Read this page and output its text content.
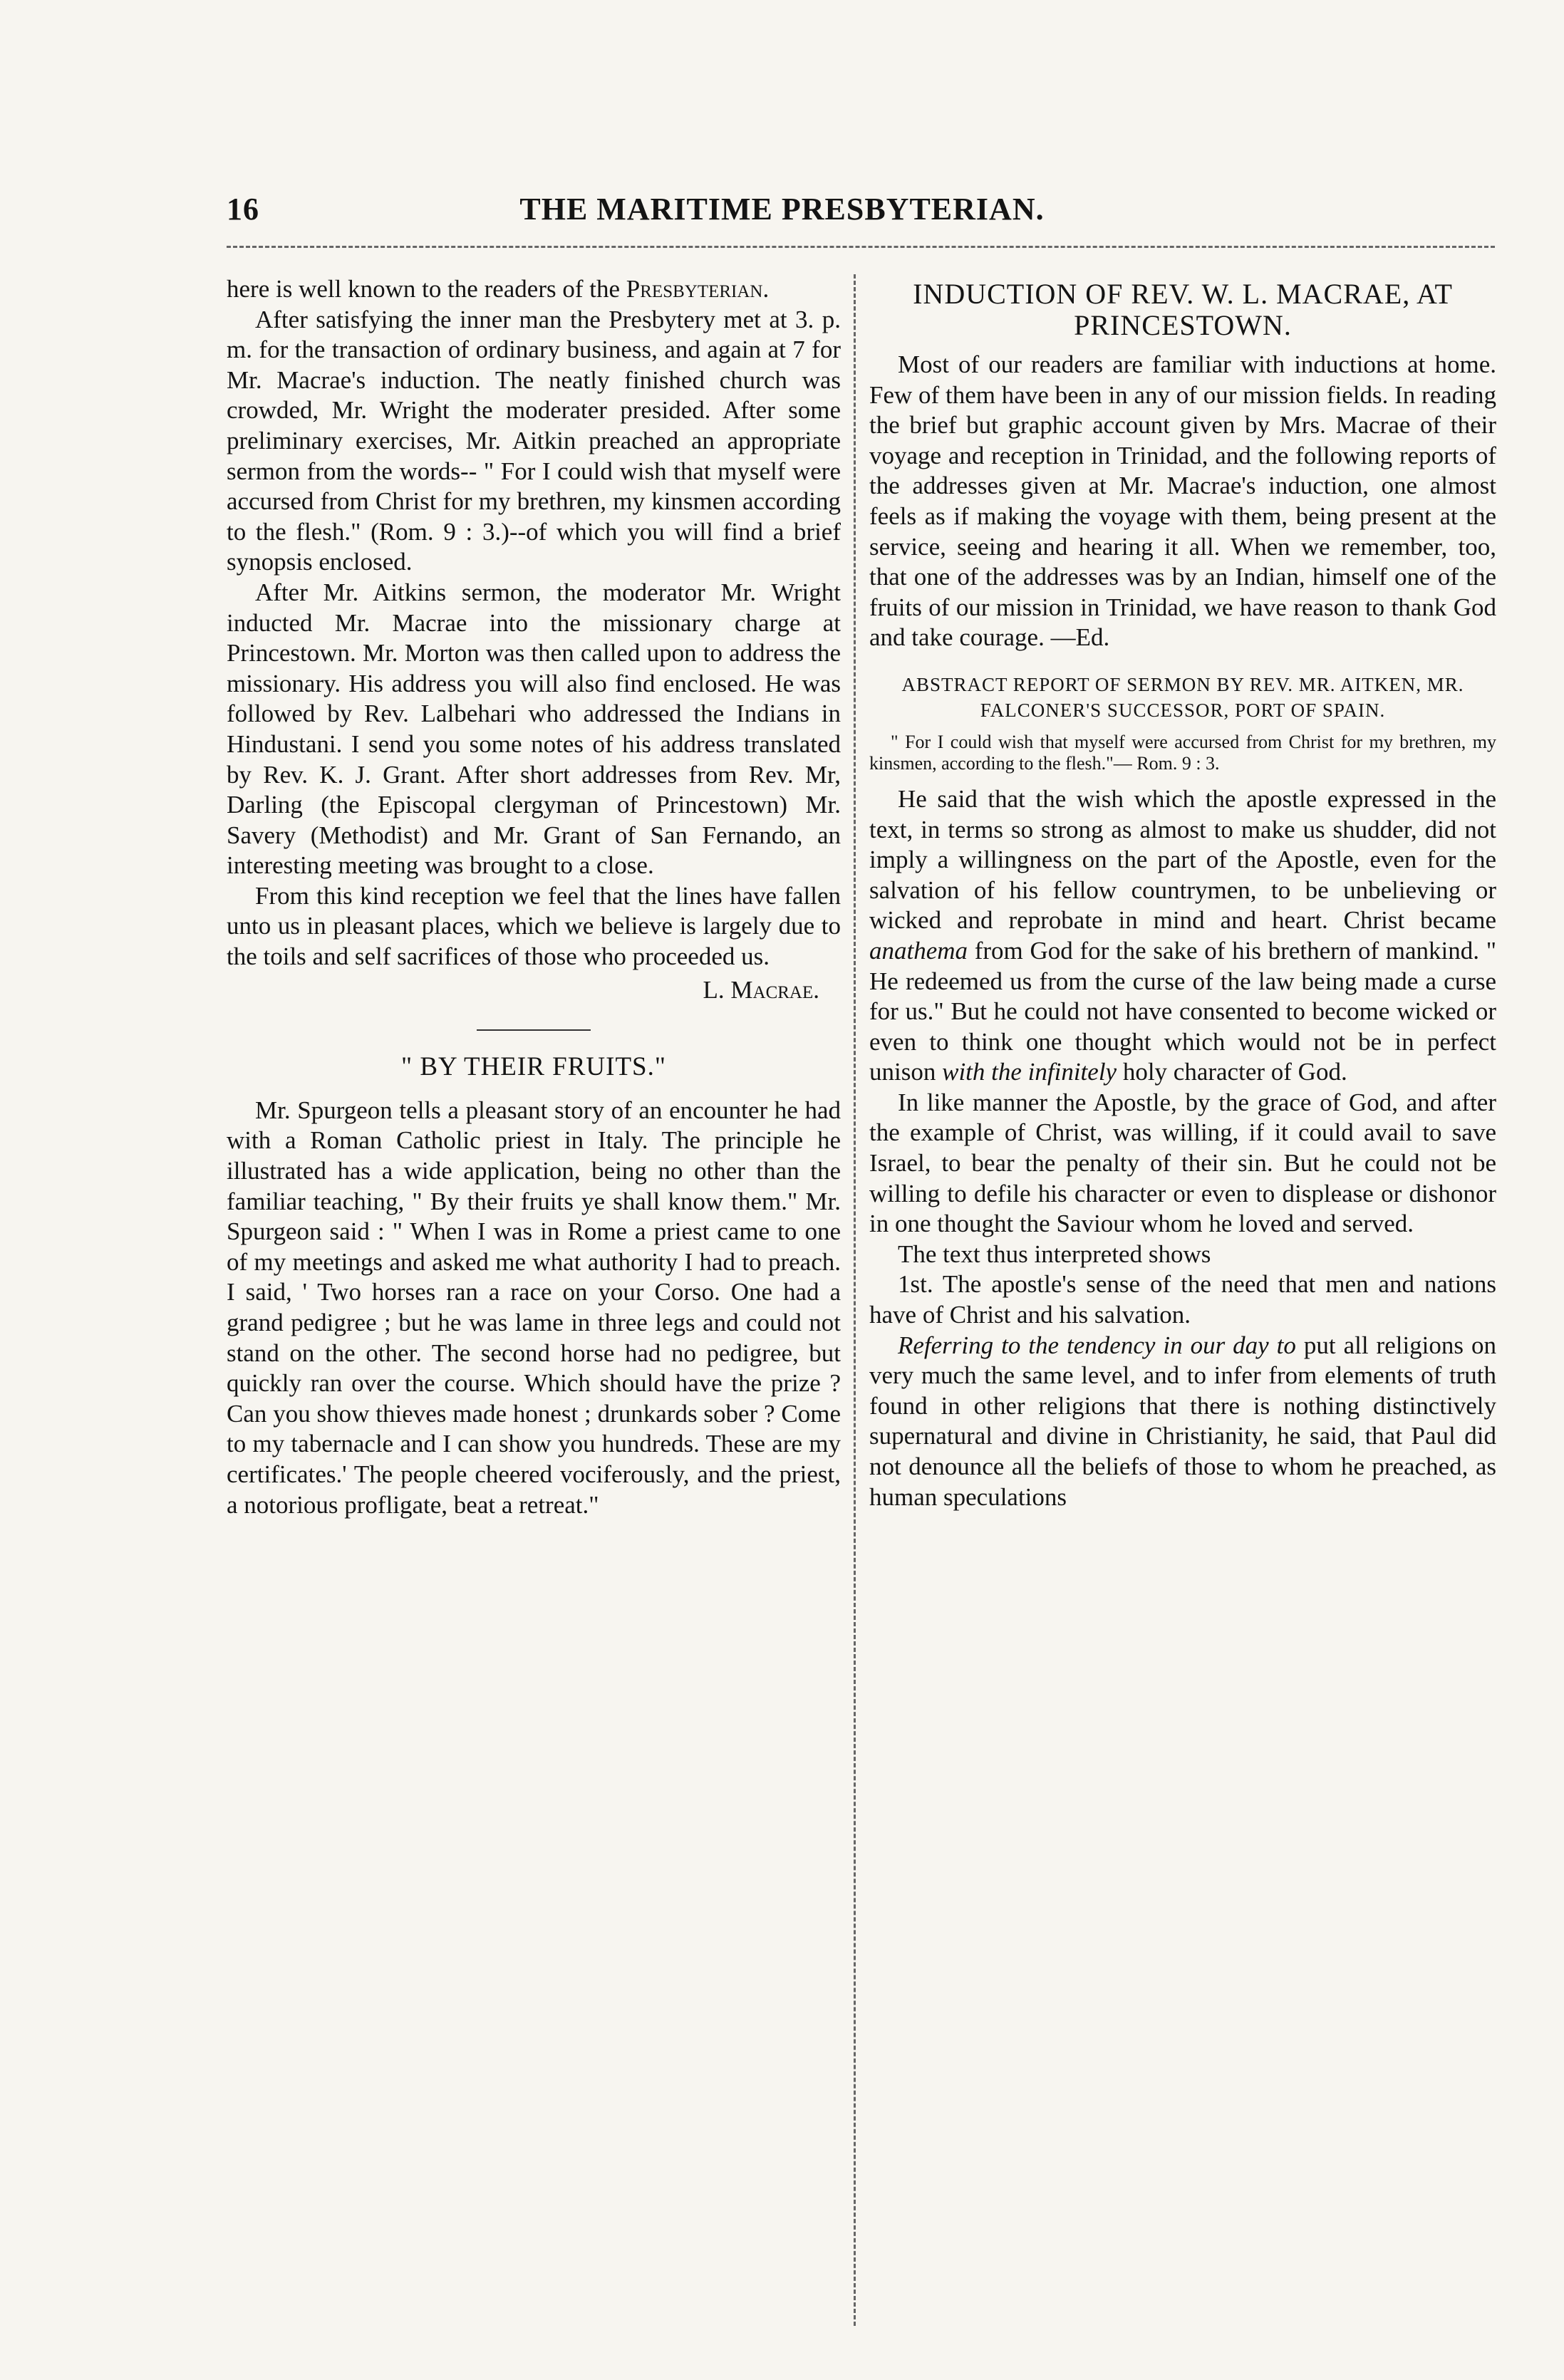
16	THE MARITIME PRESBYTERIAN.

here is well known to the readers of the Presbyterian.

After satisfying the inner man the Presbytery met at 3. p. m. for the transaction of ordinary business, and again at 7 for Mr. Macrae's induction. The neatly finished church was crowded, Mr. Wright the moderater presided. After some preliminary exercises, Mr. Aitkin preached an appropriate sermon from the words-- " For I could wish that myself were accursed from Christ for my brethren, my kinsmen according to the flesh." (Rom. 9 : 3.)--of which you will find a brief synopsis enclosed.

After Mr. Aitkins sermon, the moderator Mr. Wright inducted Mr. Macrae into the missionary charge at Princestown. Mr. Morton was then called upon to address the missionary. His address you will also find enclosed. He was followed by Rev. Lalbehari who addressed the Indians in Hindustani. I send you some notes of his address translated by Rev. K. J. Grant. After short addresses from Rev. Mr, Darling (the Episcopal clergyman of Princestown) Mr. Savery (Methodist) and Mr. Grant of San Fernando, an interesting meeting was brought to a close.

From this kind reception we feel that the lines have fallen unto us in pleasant places, which we believe is largely due to the toils and self sacrifices of those who proceeded us.

L. Macrae.

" BY THEIR FRUITS."

Mr. Spurgeon tells a pleasant story of an encounter he had with a Roman Catholic priest in Italy. The principle he illustrated has a wide application, being no other than the familiar teaching, " By their fruits ye shall know them." Mr. Spurgeon said : " When I was in Rome a priest came to one of my meetings and asked me what authority I had to preach. I said, ' Two horses ran a race on your Corso. One had a grand pedigree ; but he was lame in three legs and could not stand on the other. The second horse had no pedigree, but quickly ran over the course. Which should have the prize ? Can you show thieves made honest ; drunkards sober ? Come to my tabernacle and I can show you hundreds. These are my certificates.' The people cheered vociferously, and the priest, a notorious profligate, beat a retreat."

INDUCTION OF REV. W. L. MACRAE, AT PRINCESTOWN.

Most of our readers are familiar with inductions at home. Few of them have been in any of our mission fields. In reading the brief but graphic account given by Mrs. Macrae of their voyage and reception in Trinidad, and the following reports of the addresses given at Mr. Macrae's induction, one almost feels as if making the voyage with them, being present at the service, seeing and hearing it all. When we remember, too, that one of the addresses was by an Indian, himself one of the fruits of our mission in Trinidad, we have reason to thank God and take courage. —Ed.

ABSTRACT REPORT OF SERMON BY REV. MR. AITKEN, MR. FALCONER'S SUCCESSOR, PORT OF SPAIN.

" For I could wish that myself were accursed from Christ for my brethren, my kinsmen, according to the flesh."— Rom. 9 : 3.

He said that the wish which the apostle expressed in the text, in terms so strong as almost to make us shudder, did not imply a willingness on the part of the Apostle, even for the salvation of his fellow countrymen, to be unbelieving or wicked and reprobate in mind and heart. Christ became anathema from God for the sake of his brethern of mankind. " He redeemed us from the curse of the law being made a curse for us." But he could not have consented to become wicked or even to think one thought which would not be in perfect unison with the infinitely holy character of God.

In like manner the Apostle, by the grace of God, and after the example of Christ, was willing, if it could avail to save Israel, to bear the penalty of their sin. But he could not be willing to defile his character or even to displease or dishonor in one thought the Saviour whom he loved and served.

The text thus interpreted shows

1st. The apostle's sense of the need that men and nations have of Christ and his salvation.

Referring to the tendency in our day to put all religions on very much the same level, and to infer from elements of truth found in other religions that there is nothing distinctively supernatural and divine in Christianity, he said, that Paul did not denounce all the beliefs of those to whom he preached, as human speculations
